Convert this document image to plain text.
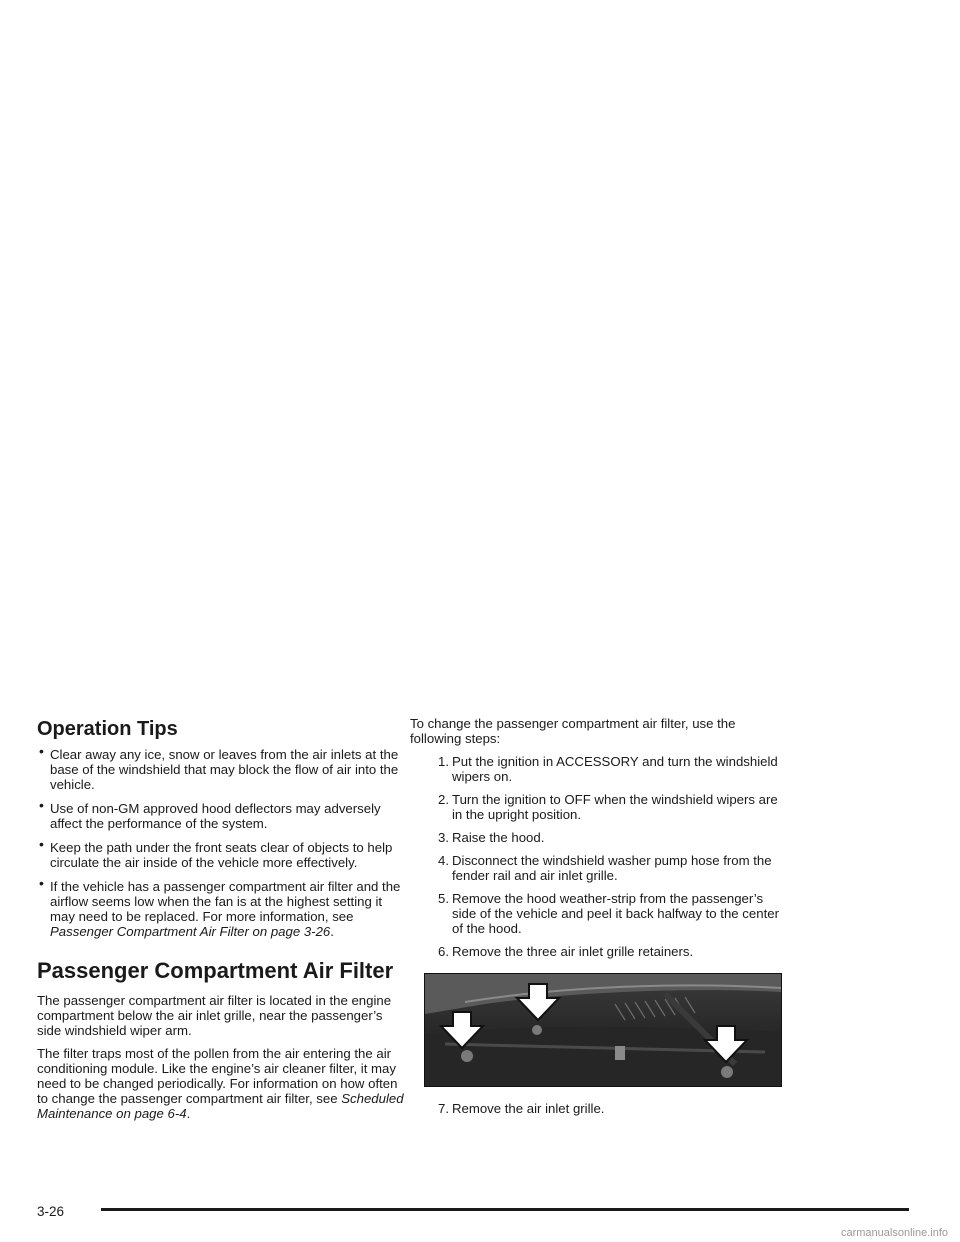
Operation Tips
• Clear away any ice, snow or leaves from the air inlets at the base of the windshield that may block the flow of air into the vehicle.
• Use of non-GM approved hood deflectors may adversely affect the performance of the system.
• Keep the path under the front seats clear of objects to help circulate the air inside of the vehicle more effectively.
• If the vehicle has a passenger compartment air filter and the airflow seems low when the fan is at the highest setting it may need to be replaced. For more information, see Passenger Compartment Air Filter on page 3-26.
Passenger Compartment Air Filter

The passenger compartment air filter is located in the engine compartment below the air inlet grille, near the passenger’s side windshield wiper arm.

The filter traps most of the pollen from the air entering the air conditioning module. Like the engine’s air cleaner filter, it may need to be changed periodically. For information on how often to change the passenger compartment air filter, see Scheduled Maintenance on page 6-4.

To change the passenger compartment air filter, use the following steps:

1. Put the ignition in ACCESSORY and turn the windshield wipers on.
2. Turn the ignition to OFF when the windshield wipers are in the upright position.
3. Raise the hood.
4. Disconnect the windshield washer pump hose from the fender rail and air inlet grille.
5. Remove the hood weather-strip from the passenger’s side of the vehicle and peel it back halfway to the center of the hood.
6. Remove the three air inlet grille retainers.
7. Remove the air inlet grille.
3-26
carmanualsonline.info
